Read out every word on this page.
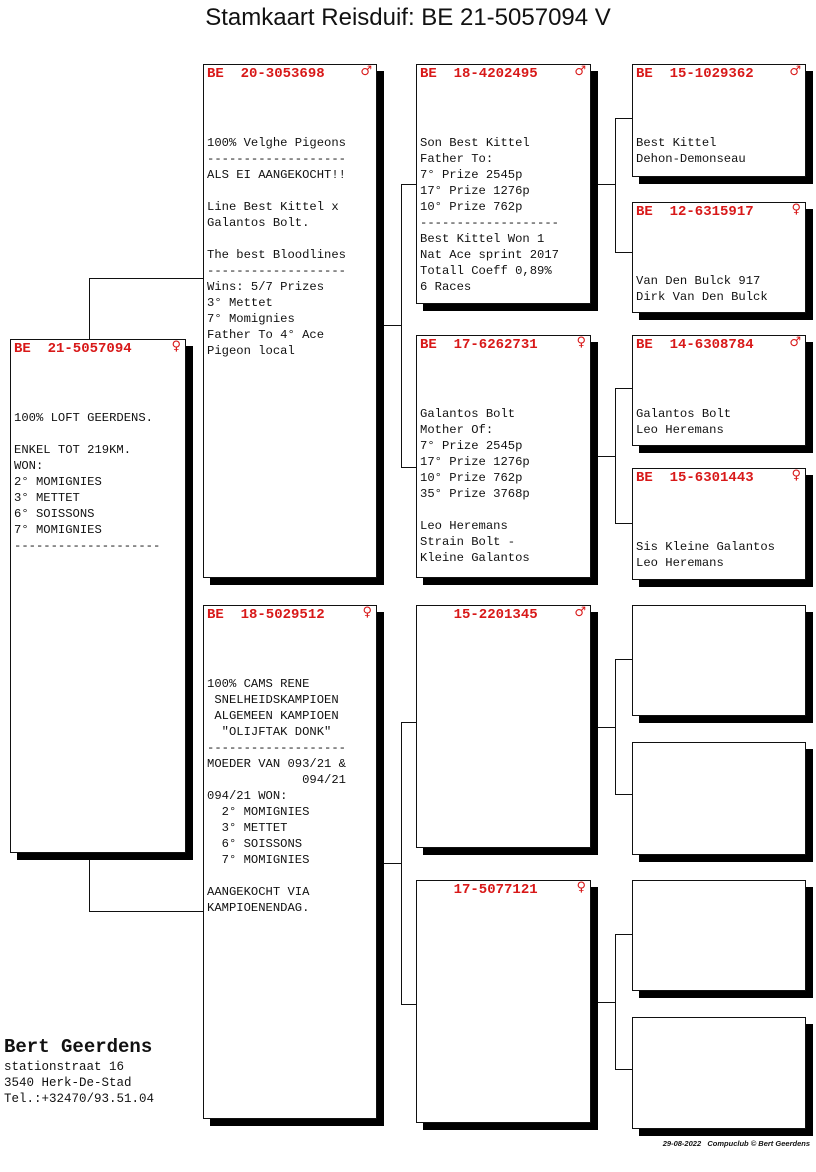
Stamkaart Reisduif: BE 21-5057094 V
BE  21-5057094	♀
100% LOFT GEERDENS.

ENKEL TOT 219KM.
WON:
2° MOMIGNIES
3° METTET
6° SOISSONS
7° MOMIGNIES
--------------------
BE  20-3053698	♂
100% Velghe Pigeons
-------------------
ALS EI AANGEKOCHT!!

Line Best Kittel x
Galantos Bolt.

The best Bloodlines
-------------------
Wins: 5/7 Prizes
3° Mettet
7° Momignies
Father To 4° Ace
Pigeon local
BE  18-5029512	♀
100% CAMS RENE
SNELHEIDSKAMPIOEN
ALGEMEEN KAMPIOEN
"OLIJFTAK DONK"
-------------------
MOEDER VAN 093/21 &
094/21
094/21 WON:
2° MOMIGNIES
3° METTET
6° SOISSONS
7° MOMIGNIES

AANGEKOCHT VIA
KAMPIOENENDAG.
BE  18-4202495	♂
Son Best Kittel
Father To:
7° Prize 2545p
17° Prize 1276p
10° Prize 762p
-------------------
Best Kittel Won 1
Nat Ace sprint 2017
Totall Coeff 0,89%
6 Races
BE  17-6262731	♀
Galantos Bolt
Mother Of:
7° Prize 2545p
17° Prize 1276p
10° Prize 762p
35° Prize 3768p

Leo Heremans
Strain Bolt -
Kleine Galantos
15-2201345	♂
17-5077121	♀
BE  15-1029362	♂
Best Kittel
Dehon-Demonseau
BE  12-6315917	♀
Van Den Bulck 917
Dirk Van Den Bulck
BE  14-6308784	♂
Galantos Bolt
Leo Heremans
BE  15-6301443	♀
Sis Kleine Galantos
Leo Heremans
Bert Geerdens
stationstraat 16
3540 Herk-De-Stad
Tel.:+32470/93.51.04
29-08-2022   Compuclub © Bert Geerdens
